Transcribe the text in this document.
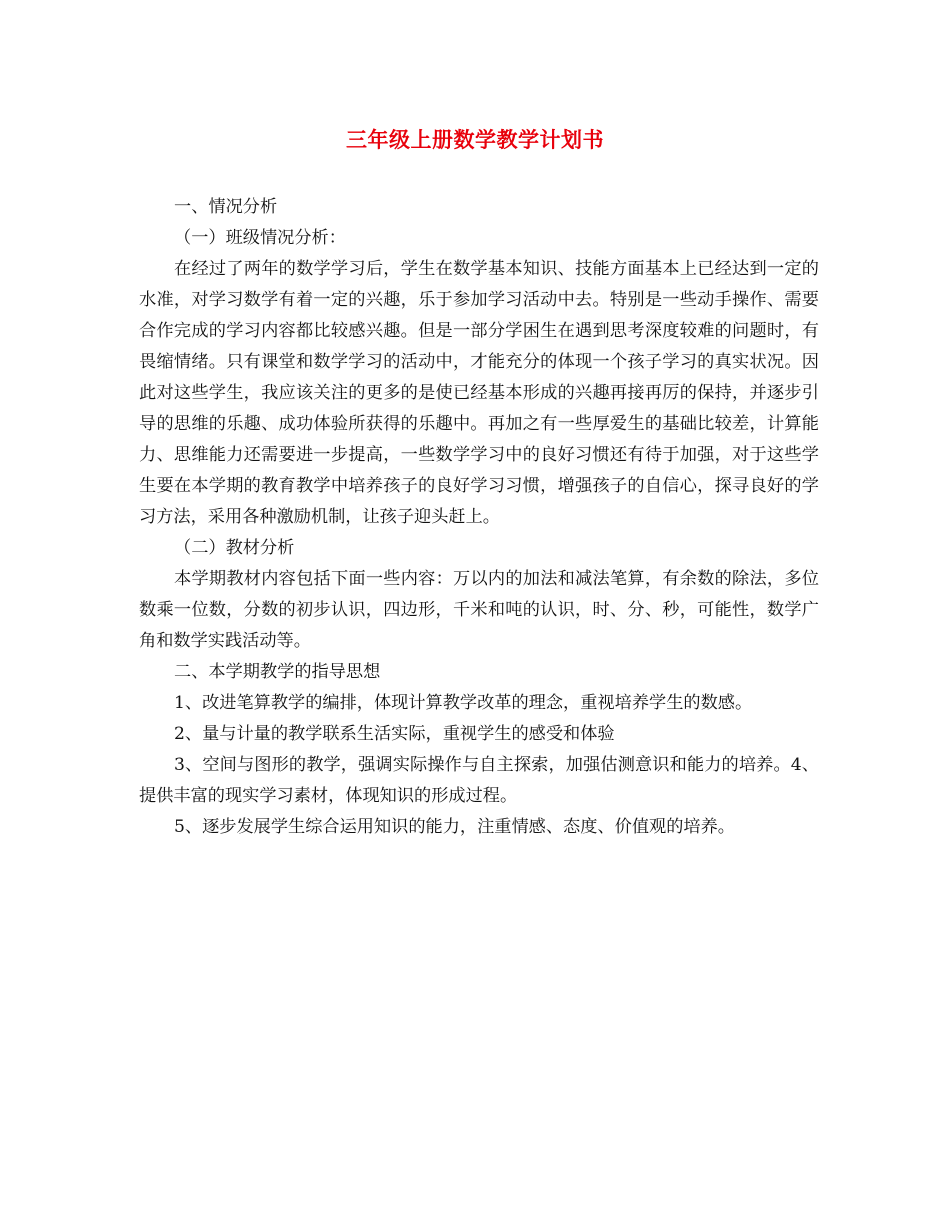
三年级上册数学教学计划书

一、情况分析

（一）班级情况分析：

在经过了两年的数学学习后，学生在数学基本知识、技能方面基本上已经达到一定的水准，对学习数学有着一定的兴趣，乐于参加学习活动中去。特别是一些动手操作、需要合作完成的学习内容都比较感兴趣。但是一部分学困生在遇到思考深度较难的问题时，有畏缩情绪。只有课堂和数学学习的活动中，才能充分的体现一个孩子学习的真实状况。因此对这些学生，我应该关注的更多的是使已经基本形成的兴趣再接再厉的保持，并逐步引导的思维的乐趣、成功体验所获得的乐趣中。再加之有一些厚爱生的基础比较差，计算能力、思维能力还需要进一步提高，一些数学学习中的良好习惯还有待于加强，对于这些学生要在本学期的教育教学中培养孩子的良好学习习惯，增强孩子的自信心，探寻良好的学习方法，采用各种激励机制，让孩子迎头赶上。

（二）教材分析

本学期教材内容包括下面一些内容：万以内的加法和减法笔算，有余数的除法，多位数乘一位数，分数的初步认识，四边形，千米和吨的认识，时、分、秒，可能性，数学广角和数学实践活动等。

二、本学期教学的指导思想

1、改进笔算教学的编排，体现计算教学改革的理念，重视培养学生的数感。

2、量与计量的教学联系生活实际，重视学生的感受和体验

3、空间与图形的教学，强调实际操作与自主探索，加强估测意识和能力的培养。4、提供丰富的现实学习素材，体现知识的形成过程。

5、逐步发展学生综合运用知识的能力，注重情感、态度、价值观的培养。
